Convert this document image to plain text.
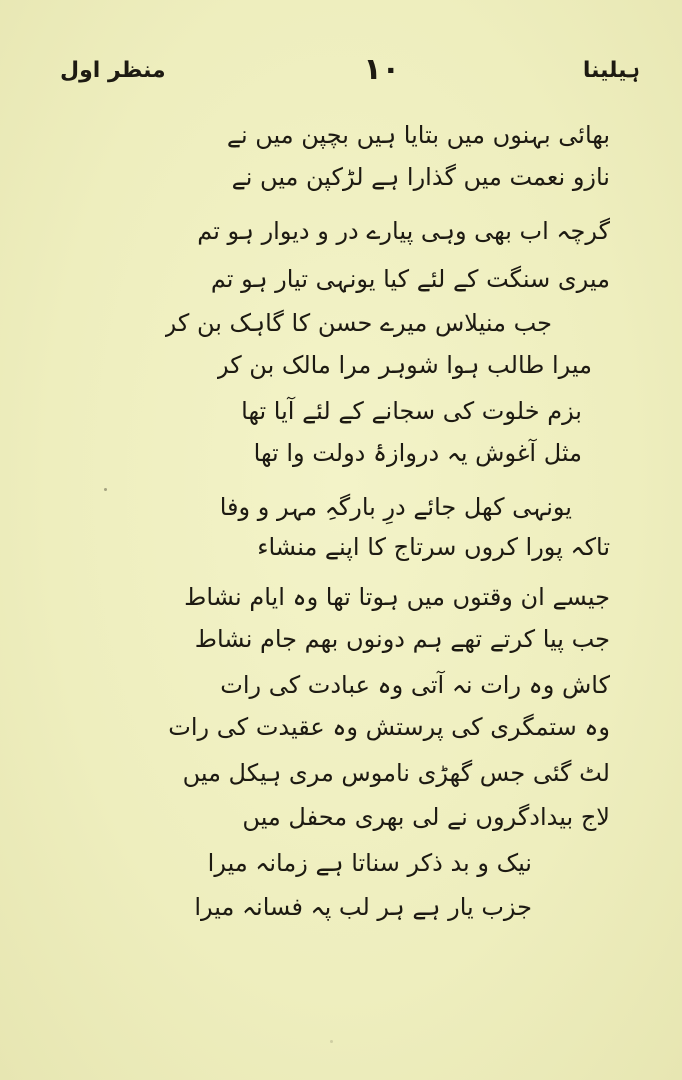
ہیلینا
۱۰
منظر اول
بھائی بہنوں میں بتایا ہیں بچپن میں نے
نازو نعمت میں گذارا ہے لڑکپن میں نے
گرچہ اب بھی وہی پیارے در و دیوار ہو تم
میری سنگت کے لئے کیا یونہی تیار ہو تم
جب منیلاس میرے حسن کا گاہک بن کر
میرا طالب ہوا شوہر مرا مالک بن کر
بزم خلوت کی سجانے کے لئے آیا تھا
مثل آغوش یہ دروازۂ دولت وا تھا
یونہی کھل جائے درِ بارگہِ مہر و وفا
تاکہ پورا کروں سرتاج کا اپنے منشاء
جیسے ان وقتوں میں ہوتا تھا وہ ایام نشاط
جب پیا کرتے تھے ہم دونوں بھم جام نشاط
کاش وہ رات نہ آتی وہ عبادت کی رات
وہ ستمگری کی پرستش وہ عقیدت کی رات
لٹ گئی جس گھڑی ناموس مری ہیکل میں
لاج بیدادگروں نے لی بھری محفل میں
نیک و بد ذکر سناتا ہے زمانہ میرا
جزب یار ہے ہر لب پہ فسانہ میرا
